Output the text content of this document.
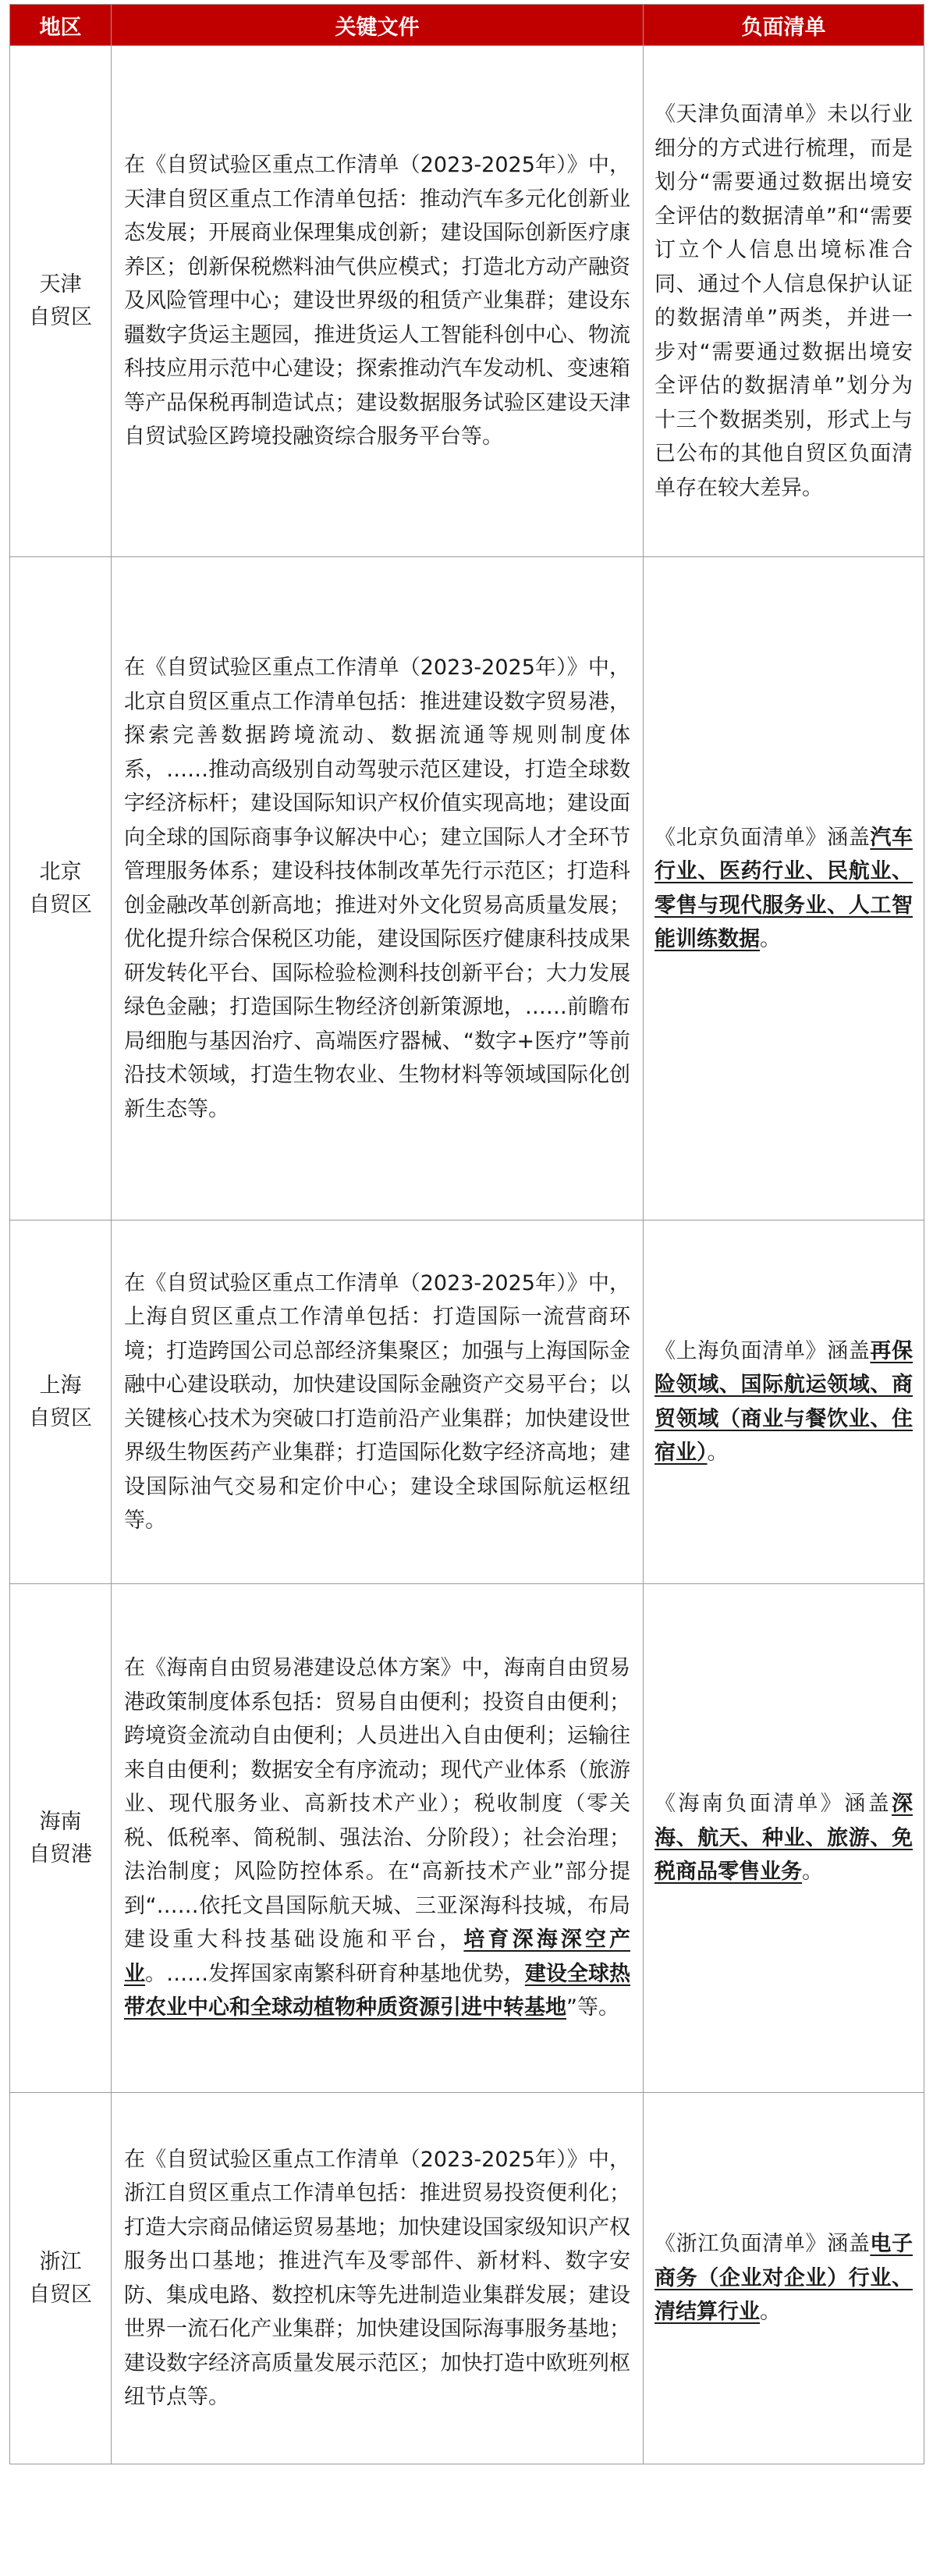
地区	关键文件	负面清单

天津
自贸区	在《自贸试验区重点工作清单（2023-2025年）》中，天津自贸区重点工作清单包括：推动汽车多元化创新业态发展；开展商业保理集成创新；建设国际创新医疗康养区；创新保税燃料油气供应模式；打造北方动产融资及风险管理中心；建设世界级的租赁产业集群；建设东疆数字货运主题园，推进货运人工智能科创中心、物流科技应用示范中心建设；探索推动汽车发动机、变速箱等产品保税再制造试点；建设数据服务试验区建设天津自贸试验区跨境投融资综合服务平台等。	《天津负面清单》未以行业细分的方式进行梳理，而是划分“需要通过数据出境安全评估的数据清单”和“需要订立个人信息出境标准合同、通过个人信息保护认证的数据清单”两类，并进一步对“需要通过数据出境安全评估的数据清单”划分为十三个数据类别，形式上与已公布的其他自贸区负面清单存在较大差异。

北京
自贸区	在《自贸试验区重点工作清单（2023-2025年）》中，北京自贸区重点工作清单包括：推进建设数字贸易港，探索完善数据跨境流动、数据流通等规则制度体系，……推动高级别自动驾驶示范区建设，打造全球数字经济标杆；建设国际知识产权价值实现高地；建设面向全球的国际商事争议解决中心；建立国际人才全环节管理服务体系；建设科技体制改革先行示范区；打造科创金融改革创新高地；推进对外文化贸易高质量发展；优化提升综合保税区功能，建设国际医疗健康科技成果研发转化平台、国际检验检测科技创新平台；大力发展绿色金融；打造国际生物经济创新策源地，……前瞻布局细胞与基因治疗、高端医疗器械、“数字+医疗”等前沿技术领域，打造生物农业、生物材料等领域国际化创新生态等。	《北京负面清单》涵盖汽车行业、医药行业、民航业、零售与现代服务业、人工智能训练数据。

上海
自贸区	在《自贸试验区重点工作清单（2023-2025年）》中，上海自贸区重点工作清单包括：打造国际一流营商环境；打造跨国公司总部经济集聚区；加强与上海国际金融中心建设联动，加快建设国际金融资产交易平台；以关键核心技术为突破口打造前沿产业集群；加快建设世界级生物医药产业集群；打造国际化数字经济高地；建设国际油气交易和定价中心；建设全球国际航运枢纽等。	《上海负面清单》涵盖再保险领域、国际航运领域、商贸领域（商业与餐饮业、住宿业）。

海南
自贸港	在《海南自由贸易港建设总体方案》中，海南自由贸易港政策制度体系包括：贸易自由便利；投资自由便利；跨境资金流动自由便利；人员进出入自由便利；运输往来自由便利；数据安全有序流动；现代产业体系（旅游业、现代服务业、高新技术产业）；税收制度（零关税、低税率、简税制、强法治、分阶段）；社会治理；法治制度；风险防控体系。在“高新技术产业”部分提到“……依托文昌国际航天城、三亚深海科技城，布局建设重大科技基础设施和平台，培育深海深空产业。……发挥国家南繁科研育种基地优势，建设全球热带农业中心和全球动植物种质资源引进中转基地”等。	《海南负面清单》涵盖深海、航天、种业、旅游、免税商品零售业务。

浙江
自贸区	在《自贸试验区重点工作清单（2023-2025年）》中，浙江自贸区重点工作清单包括：推进贸易投资便利化；打造大宗商品储运贸易基地；加快建设国家级知识产权服务出口基地；推进汽车及零部件、新材料、数字安防、集成电路、数控机床等先进制造业集群发展；建设世界一流石化产业集群；加快建设国际海事服务基地；建设数字经济高质量发展示范区；加快打造中欧班列枢纽节点等。	《浙江负面清单》涵盖电子商务（企业对企业）行业、清结算行业。
